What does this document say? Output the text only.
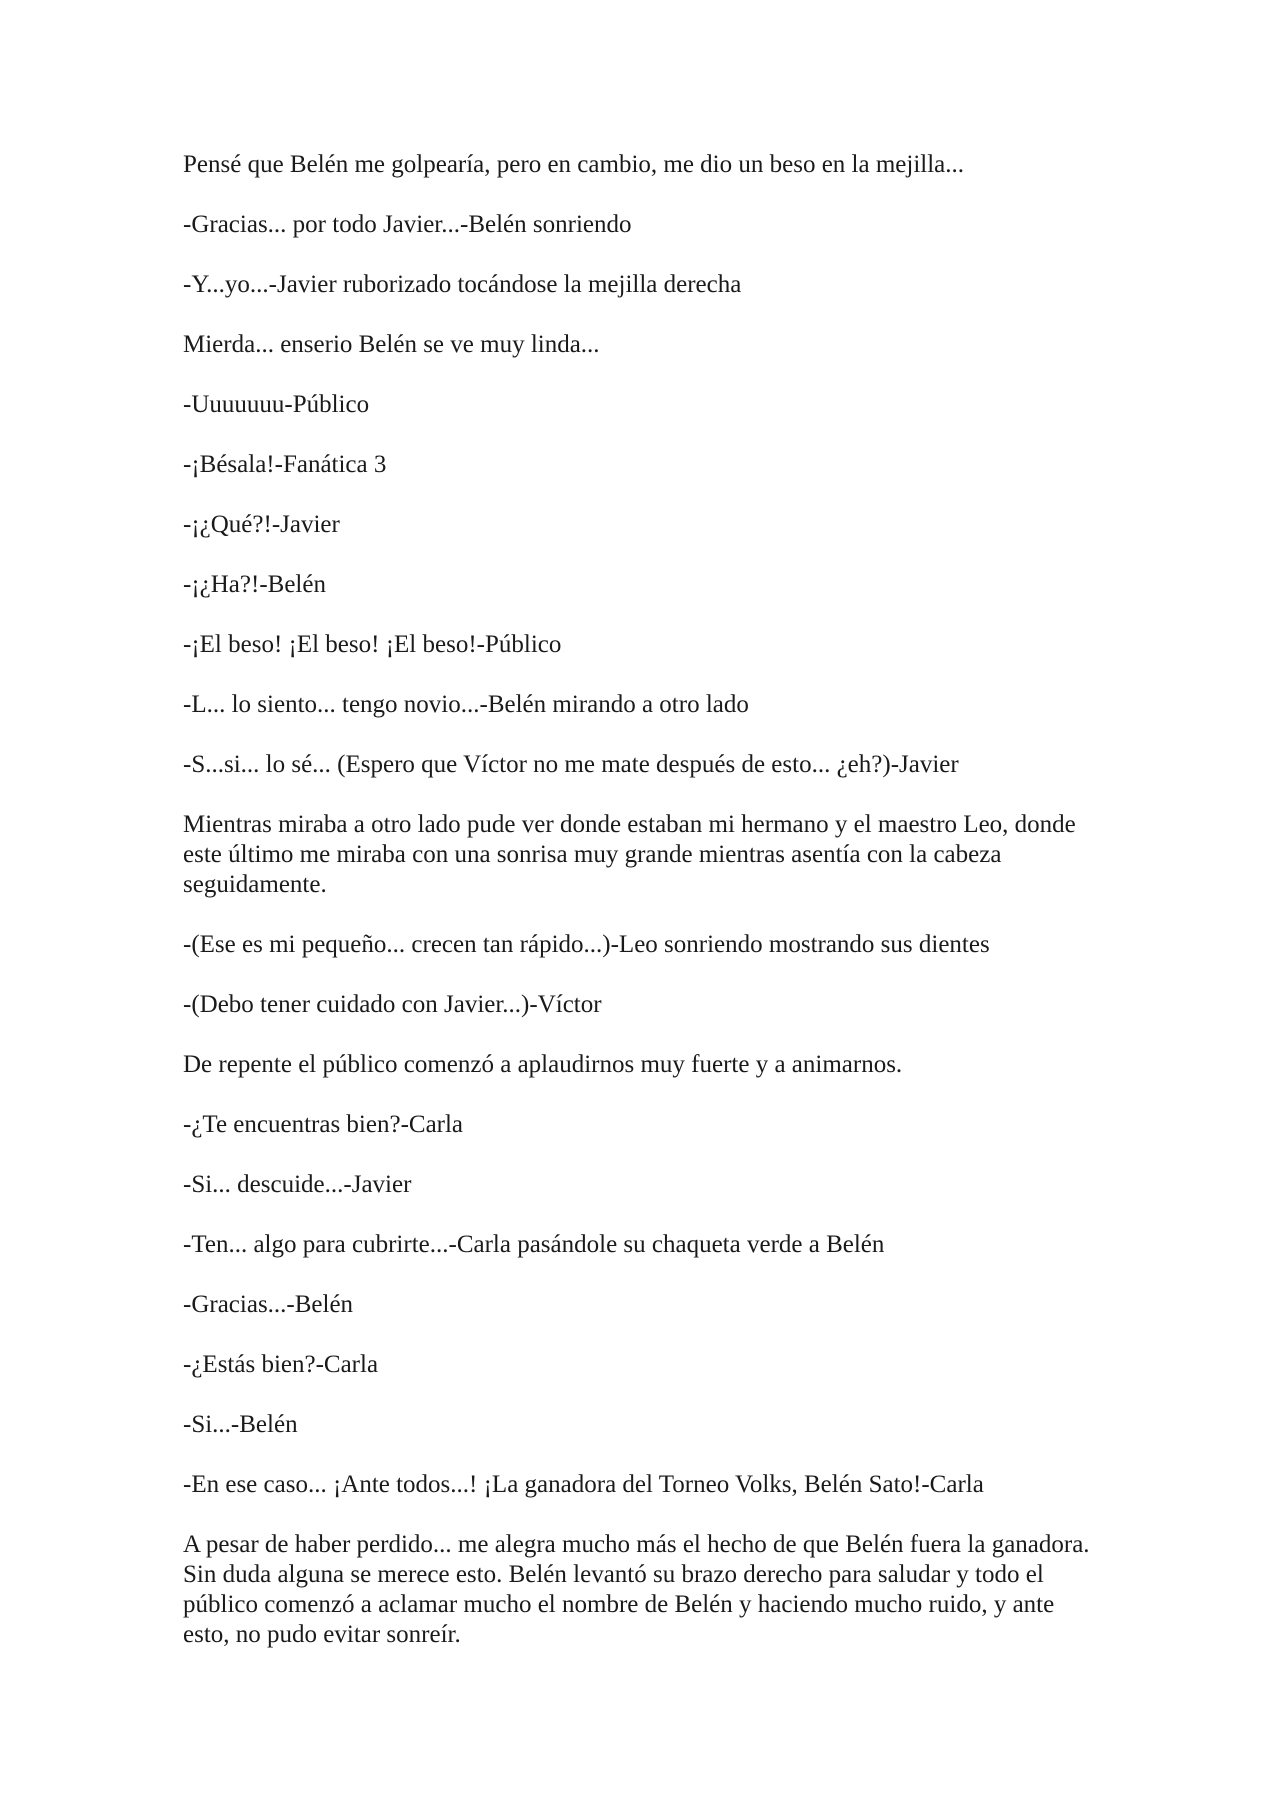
Pensé que Belén me golpearía, pero en cambio, me dio un beso en la mejilla...

-Gracias... por todo Javier...-Belén sonriendo

-Y...yo...-Javier ruborizado tocándose la mejilla derecha

Mierda... enserio Belén se ve muy linda...

-Uuuuuuu-Público

-¡Bésala!-Fanática 3

-¡¿Qué?!-Javier

-¡¿Ha?!-Belén

-¡El beso! ¡El beso! ¡El beso!-Público

-L... lo siento... tengo novio...-Belén mirando a otro lado

-S...si... lo sé... (Espero que Víctor no me mate después de esto... ¿eh?)-Javier

Mientras miraba a otro lado pude ver donde estaban mi hermano y el maestro Leo, donde este último me miraba con una sonrisa muy grande mientras asentía con la cabeza seguidamente.

-(Ese es mi pequeño... crecen tan rápido...)-Leo sonriendo mostrando sus dientes

-(Debo tener cuidado con Javier...)-Víctor

De repente el público comenzó a aplaudirnos muy fuerte y a animarnos.

-¿Te encuentras bien?-Carla

-Si... descuide...-Javier

-Ten... algo para cubrirte...-Carla pasándole su chaqueta verde a Belén

-Gracias...-Belén

-¿Estás bien?-Carla

-Si...-Belén

-En ese caso... ¡Ante todos...! ¡La ganadora del Torneo Volks, Belén Sato!-Carla

A pesar de haber perdido... me alegra mucho más el hecho de que Belén fuera la ganadora. Sin duda alguna se merece esto. Belén levantó su brazo derecho para saludar y todo el público comenzó a aclamar mucho el nombre de Belén y haciendo mucho ruido, y ante esto, no pudo evitar sonreír.
